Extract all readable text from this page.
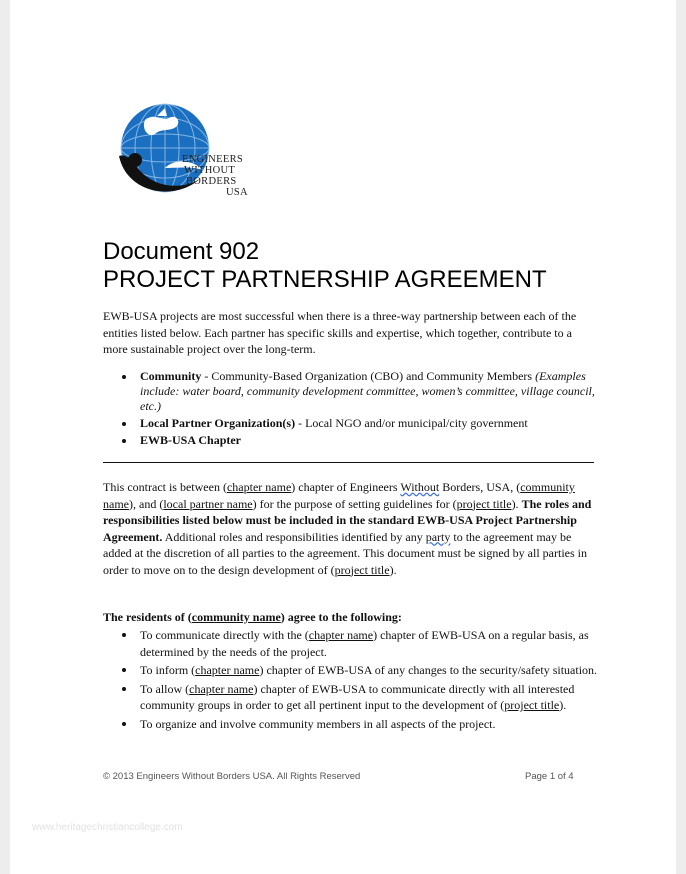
ENGINEERS
WITHOUT
BORDERS
USA
Document 902
PROJECT PARTNERSHIP AGREEMENT
EWB-USA projects are most successful when there is a three-way partnership between each of the entities listed below. Each partner has specific skills and expertise, which together, contribute to a more sustainable project over the long-term.
Community - Community-Based Organization (CBO) and Community Members (Examples include: water board, community development committee, women’s committee, village council, etc.)
Local Partner Organization(s) - Local NGO and/or municipal/city government
EWB-USA Chapter
This contract is between (chapter name) chapter of Engineers Without Borders, USA, (community name), and (local partner name) for the purpose of setting guidelines for (project title). The roles and responsibilities listed below must be included in the standard EWB-USA Project Partnership Agreement. Additional roles and responsibilities identified by any party to the agreement may be added at the discretion of all parties to the agreement. This document must be signed by all parties in order to move on to the design development of (project title).
The residents of (community name) agree to the following:
To communicate directly with the (chapter name) chapter of EWB-USA on a regular basis, as determined by the needs of the project.
To inform (chapter name) chapter of EWB-USA of any changes to the security/safety situation.
To allow (chapter name) chapter of EWB-USA to communicate directly with all interested community groups in order to get all pertinent input to the development of (project title).
To organize and involve community members in all aspects of the project.
© 2013 Engineers Without Borders USA. All Rights Reserved	Page 1 of 4
www.heritagechristiancollege.com
